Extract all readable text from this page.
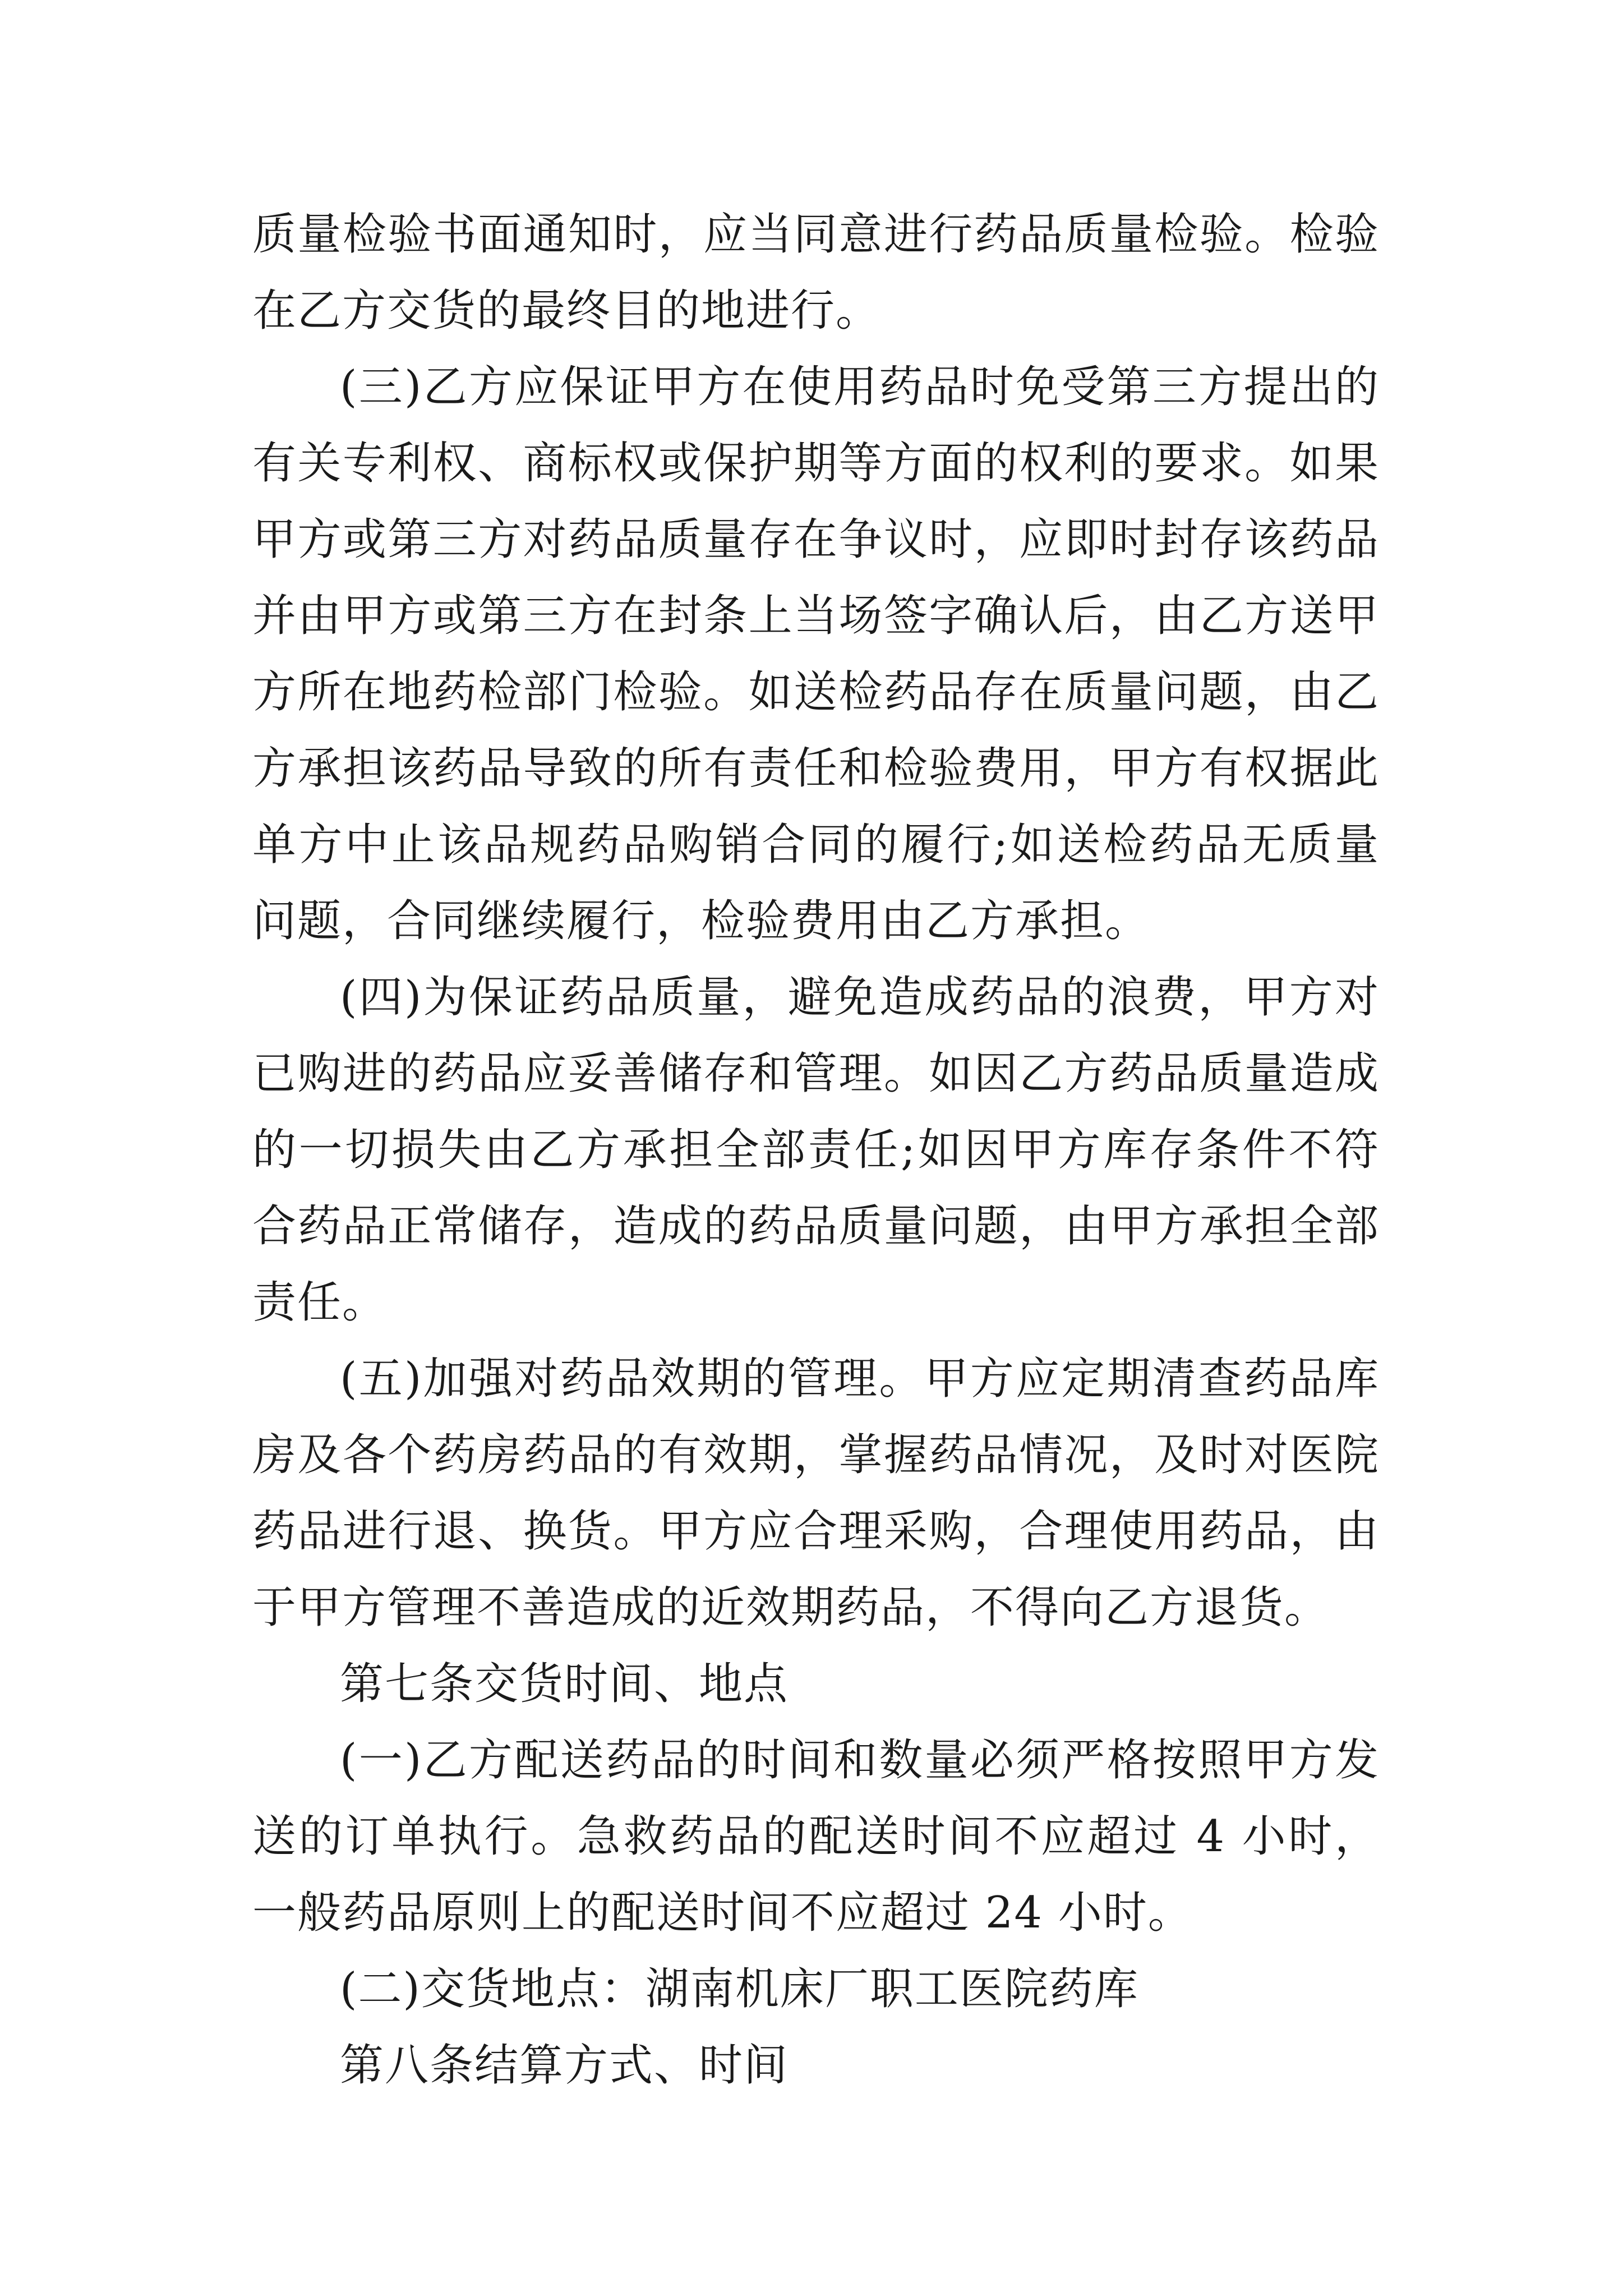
质量检验书面通知时，应当同意进行药品质量检验。检验在乙方交货的最终目的地进行。

(三)乙方应保证甲方在使用药品时免受第三方提出的有关专利权、商标权或保护期等方面的权利的要求。如果甲方或第三方对药品质量存在争议时，应即时封存该药品并由甲方或第三方在封条上当场签字确认后，由乙方送甲方所在地药检部门检验。如送检药品存在质量问题，由乙方承担该药品导致的所有责任和检验费用，甲方有权据此单方中止该品规药品购销合同的履行;如送检药品无质量问题，合同继续履行，检验费用由乙方承担。

(四)为保证药品质量，避免造成药品的浪费，甲方对已购进的药品应妥善储存和管理。如因乙方药品质量造成的一切损失由乙方承担全部责任;如因甲方库存条件不符合药品正常储存，造成的药品质量问题，由甲方承担全部责任。

(五)加强对药品效期的管理。甲方应定期清查药品库房及各个药房药品的有效期，掌握药品情况，及时对医院药品进行退、换货。甲方应合理采购，合理使用药品，由于甲方管理不善造成的近效期药品，不得向乙方退货。

第七条交货时间、地点

(一)乙方配送药品的时间和数量必须严格按照甲方发送的订单执行。急救药品的配送时间不应超过 4 小时，一般药品原则上的配送时间不应超过 24 小时。

(二)交货地点：湖南机床厂职工医院药库

第八条结算方式、时间
